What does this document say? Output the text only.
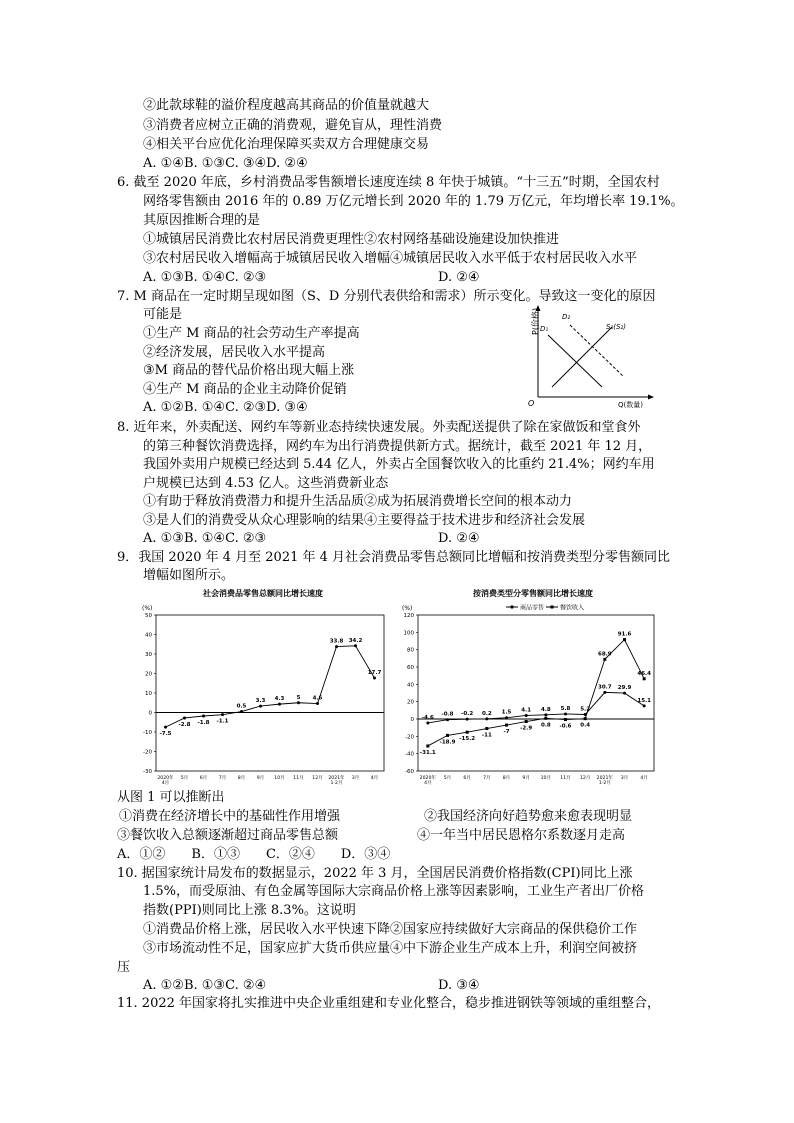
②此款球鞋的溢价程度越高其商品的价值量就越大
③消费者应树立正确的消费观，避免盲从，理性消费
④相关平台应优化治理保障买卖双方合理健康交易
A. ①④B. ①③C. ③④D. ②④
6. 截至 2020 年底，乡村消费品零售额增长速度连续 8 年快于城镇。“十三五”时期，全国农村
网络零售额由 2016 年的 0.89 万亿元增长到 2020 年的 1.79 万亿元，年均增长率 19.1%。
其原因推断合理的是
①城镇居民消费比农村居民消费更理性②农村网络基础设施建设加快推进
③农村居民收入增幅高于城镇居民收入增幅④城镇居民收入水平低于农村居民收入水平
A. ①③B. ①④C. ②③	D. ②④
7. M 商品在一定时期呈现如图（S、D 分别代表供给和需求）所示变化。导致这一变化的原因
可能是
①生产 M 商品的社会劳动生产率提高
②经济发展，居民收入水平提高
③M 商品的替代品价格出现大幅上涨
④生产 M 商品的企业主动降价促销
A. ①②B. ①④C. ②③D. ③④
P(价格) D₁
D₂
S₁(S₂)
O	Q(数量)
8. 近年来，外卖配送、网约车等新业态持续快速发展。外卖配送提供了除在家做饭和堂食外
的第三种餐饮消费选择，网约车为出行消费提供新方式。据统计，截至 2021 年 12 月，
我国外卖用户规模已经达到 5.44 亿人，外卖占全国餐饮收入的比重约 21.4%；网约车用
户规模已达到 4.53 亿人。这些消费新业态
①有助于释放消费潜力和提升生活品质②成为拓展消费增长空间的根本动力
③是人们的消费受从众心理影响的结果④主要得益于技术进步和经济社会发展
A. ①③B. ①④C. ②③	D. ②④
9．我国 2020 年 4 月至 2021 年 4 月社会消费品零售总额同比增幅和按消费类型分零售额同比
增幅如图所示。
社会消费品零售总额同比增长速度
(%)
-30
-20
-10
0
10
20
30
40
50
2020年
4月
5月 6月 7月 8月 9月 10月 11月 12月 2021年
1-2月
3月 4月
-7.5
-2.8 -1.8 -1.1
0.5
3.3 4.3 5 4.6
33.8 34.2
17.7
按消费类型分零售额同比增长速度
(%)	商品零售	餐饮收入
-60
-40
-20
0
20
40
60
80
100
120
2020年
4月
5月	6月	7月	8月	9月 10月 11月 12月 2021年
1-2月
3月	4月
-4.6
-0.8 -0.2 0.2 1.5 4.1 4.8 5.8 5.2
30.7 29.9
15.1
-31.1
-18.9
-15.2
-11
-7
-2.9
0.8 -0.6 0.4
68.9
91.6
46.4
从图 1 可以推断出
①消费在经济增长中的基础性作用增强	②我国经济向好趋势愈来愈表现明显
③餐饮收入总额逐渐超过商品零售总额	④一年当中居民恩格尔系数逐月走高
A．①②　　B．①③　　C．②④　　D．③④
10. 据国家统计局发布的数据显示，2022 年 3 月，全国居民消费价格指数(CPI)同比上涨
1.5%，而受原油、有色金属等国际大宗商品价格上涨等因素影响，工业生产者出厂价格
指数(PPI)则同比上涨 8.3%。这说明
①消费品价格上涨，居民收入水平快速下降②国家应持续做好大宗商品的保供稳价工作
③市场流动性不足，国家应扩大货币供应量④中下游企业生产成本上升，利润空间被挤
压
A. ①②B. ①③C. ②④	D. ③④
11. 2022 年国家将扎实推进中央企业重组建和专业化整合，稳步推进钢铁等领域的重组整合，
